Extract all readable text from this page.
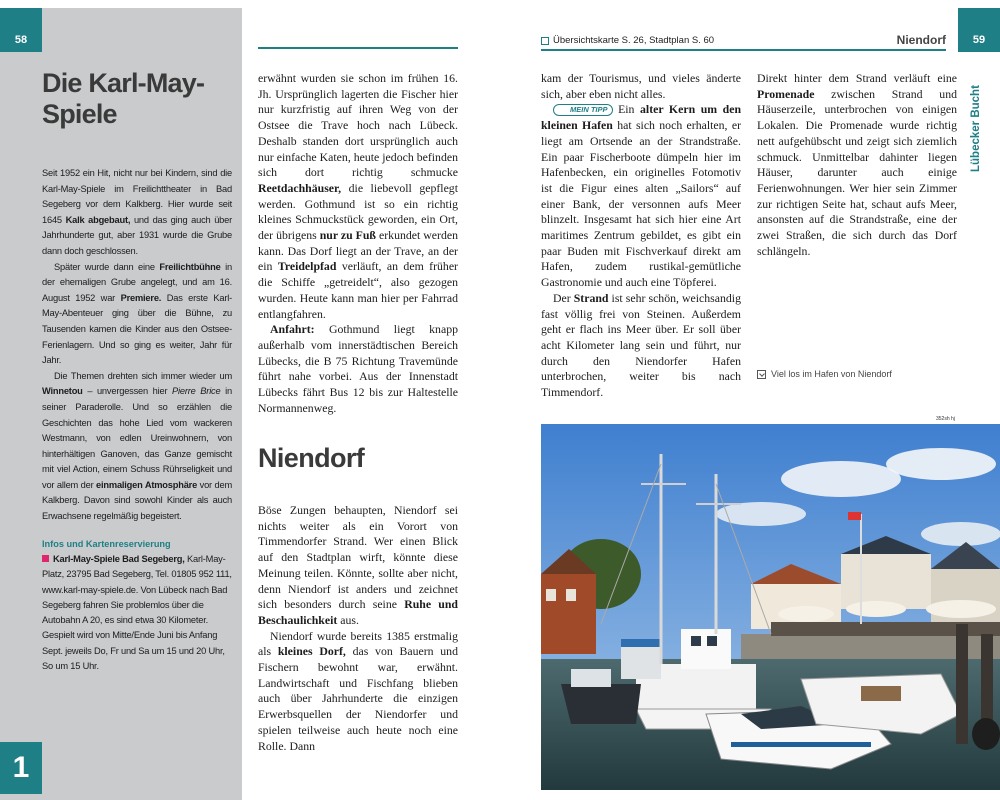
58
Die Karl-May-Spiele

Seit 1952 ein Hit, nicht nur bei Kindern, sind die Karl-May-Spiele im Freilichttheater in Bad Segeberg vor dem Kalkberg. Hier wurde seit 1645 Kalk abgebaut, und das ging auch über Jahrhunderte gut, aber 1931 wurde die Grube dann doch geschlossen.

Später wurde dann eine Freilichtbühne in der ehemaligen Grube angelegt, und am 16. August 1952 war Premiere. Das erste Karl-May-Abenteuer ging über die Bühne, zu Tausenden kamen die Kinder aus den Ostsee-Ferienlagern. Und so ging es weiter, Jahr für Jahr.

Die Themen drehten sich immer wieder um Winnetou – unvergessen hier Pierre Brice in seiner Paraderolle. Und so erzählen die Geschichten das hohe Lied vom wackeren Westmann, von edlen Ureinwohnern, von hinterhältigen Ganoven, das Ganze gemischt mit viel Action, einem Schuss Rührseligkeit und vor allem der einmaligen Atmosphäre vor dem Kalkberg. Davon sind sowohl Kinder als auch Erwachsene regelmäßig begeistert.

Infos und Kartenreservierung
Karl-May-Spiele Bad Segeberg, Karl-May-Platz, 23795 Bad Segeberg, Tel. 01805 952 111, www.karl-may-spiele.de. Von Lübeck nach Bad Segeberg fahren Sie problemlos über die Autobahn A 20, es sind etwa 30 Kilometer. Gespielt wird von Mitte/Ende Juni bis Anfang Sept. jeweils Do, Fr und Sa um 15 und 20 Uhr, So um 15 Uhr.
1

erwähnt wurden sie schon im frühen 16. Jh. Ursprünglich lagerten die Fischer hier nur kurzfristig auf ihren Weg von der Ostsee die Trave hoch nach Lübeck. Deshalb standen dort ursprünglich auch nur einfache Katen, heute jedoch befinden sich dort richtig schmucke Reetdachhäuser, die liebevoll gepflegt werden. Gothmund ist so ein richtig kleines Schmuckstück geworden, ein Ort, der übrigens nur zu Fuß erkundet werden kann. Das Dorf liegt an der Trave, an der ein Treidelpfad verläuft, an dem früher die Schiffe „getreidelt“, also gezogen wurden. Heute kann man hier per Fahrrad entlangfahren.

Anfahrt: Gothmund liegt knapp außerhalb vom innerstädtischen Bereich Lübecks, die B 75 Richtung Travemünde führt nahe vorbei. Aus der Innenstadt Lübecks fährt Bus 12 bis zur Haltestelle Normannenweg.

Niendorf

Böse Zungen behaupten, Niendorf sei nichts weiter als ein Vorort von Timmendorfer Strand. Wer einen Blick auf den Stadtplan wirft, könnte diese Meinung teilen. Könnte, sollte aber nicht, denn Niendorf ist anders und zeichnet sich besonders durch seine Ruhe und Beschaulichkeit aus.

Niendorf wurde bereits 1385 erstmalig als kleines Dorf, das von Bauern und Fischern bewohnt war, erwähnt. Landwirtschaft und Fischfang blieben auch über Jahrhunderte die einzigen Erwerbsquellen der Niendorfer und spielen teilweise auch heute noch eine Rolle. Dann

Übersichtskarte S. 26, Stadtplan S. 60	Niendorf	59
Lübecker Bucht

kam der Tourismus, und vieles änderte sich, aber eben nicht alles.

MEIN TIPP Ein alter Kern um den kleinen Hafen hat sich noch erhalten, er liegt am Ortsende an der Strandstraße. Ein paar Fischerboote dümpeln hier im Hafenbecken, ein originelles Fotomotiv ist die Figur eines alten „Sailors“ auf einer Bank, der versonnen aufs Meer blinzelt. Insgesamt hat sich hier eine Art maritimes Zentrum gebildet, es gibt ein paar Buden mit Fischverkauf direkt am Hafen, zudem rustikal-gemütliche Gastronomie und auch eine Töpferei.

Der Strand ist sehr schön, weichsandig fast völlig frei von Steinen. Außerdem geht er flach ins Meer über. Er soll über acht Kilometer lang sein und führt, nur durch den Niendorfer Hafen unterbrochen, weiter bis nach Timmendorf.

Direkt hinter dem Strand verläuft eine Promenade zwischen Strand und Häuserzeile, unterbrochen von einigen Lokalen. Die Promenade wurde richtig nett aufgehübscht und zeigt sich ziemlich schmuck. Unmittelbar dahinter liegen Häuser, darunter auch einige Ferienwohnungen. Wer hier sein Zimmer zur richtigen Seite hat, schaut aufs Meer, ansonsten auf die Strandstraße, eine der zwei Straßen, die sich durch das Dorf schlängeln.

Viel los im Hafen von Niendorf
352sh hj
